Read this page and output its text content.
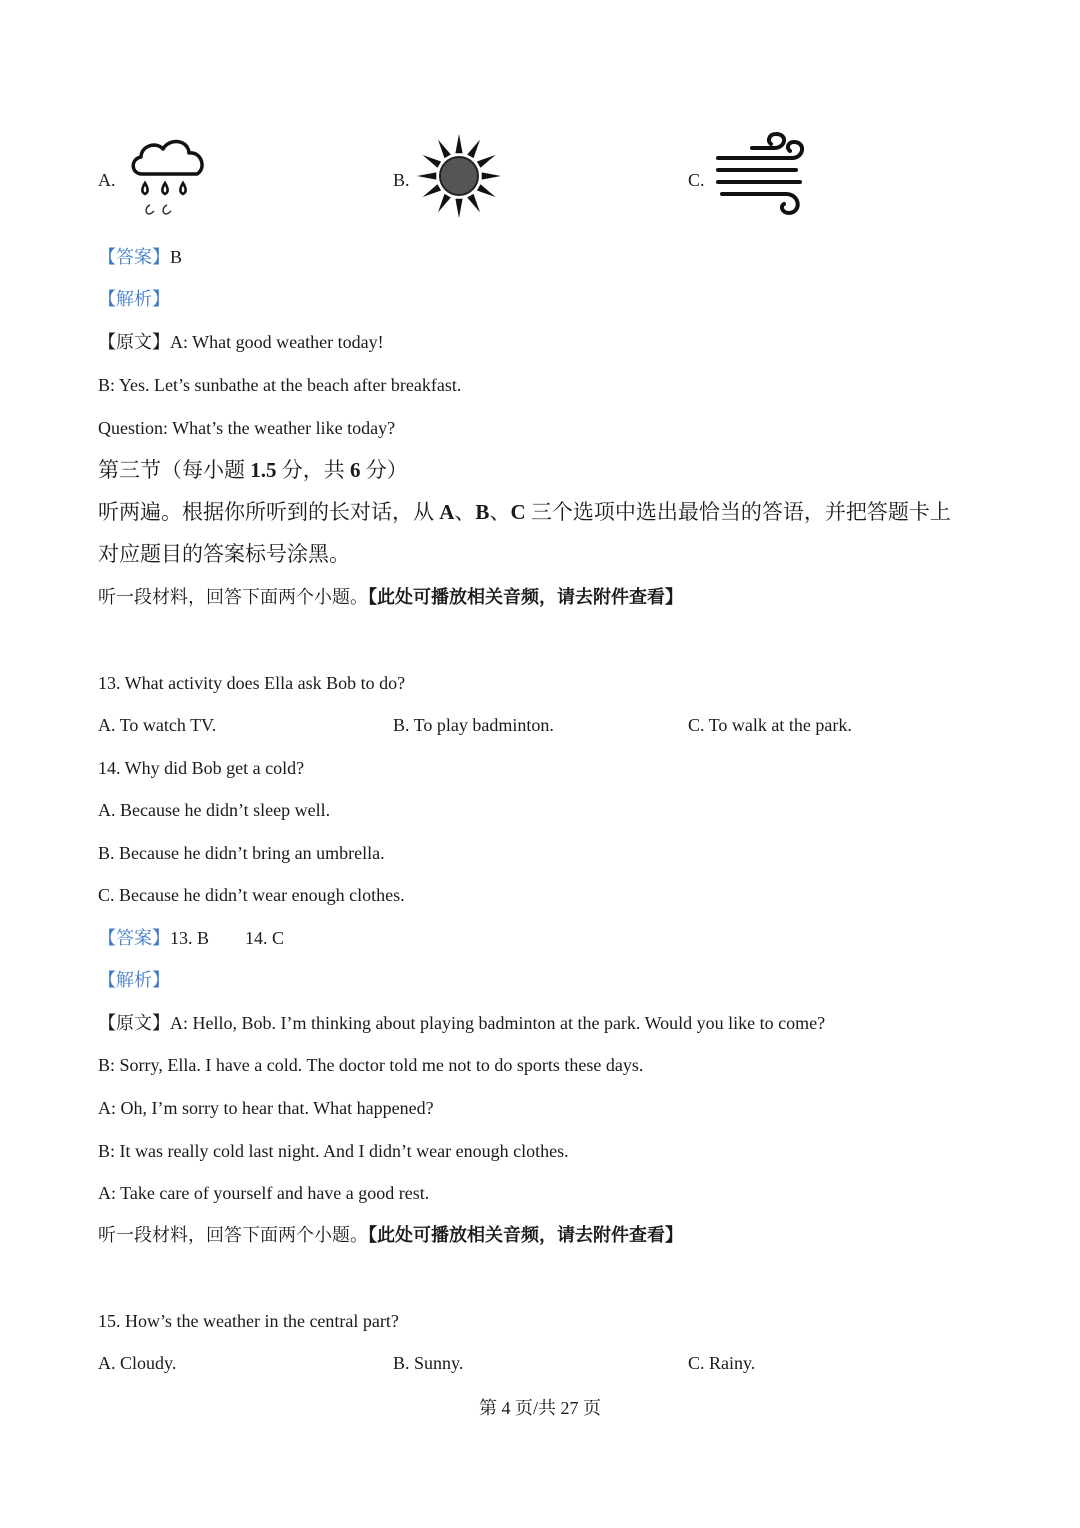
A.	B.	C.
【答案】B
【解析】
【原文】A: What good weather today!
B: Yes. Let’s sunbathe at the beach after breakfast.
Question: What’s the weather like today?
第三节（每小题 1.5 分，共 6 分）
听两遍。根据你所听到的长对话，从 A、B、C 三个选项中选出最恰当的答语，并把答题卡上
对应题目的答案标号涂黑。
听一段材料，回答下面两个小题。【此处可播放相关音频，请去附件查看】
13. What activity does Ella ask Bob to do?
A. To watch TV.	B. To play badminton.	C. To walk at the park.
14. Why did Bob get a cold?
A. Because he didn’t sleep well.
B. Because he didn’t bring an umbrella.
C. Because he didn’t wear enough clothes.
【答案】13. B 14. C
【解析】
【原文】A: Hello, Bob. I’m thinking about playing badminton at the park. Would you like to come?
B: Sorry, Ella. I have a cold. The doctor told me not to do sports these days.
A: Oh, I’m sorry to hear that. What happened?
B: It was really cold last night. And I didn’t wear enough clothes.
A: Take care of yourself and have a good rest.
听一段材料，回答下面两个小题。【此处可播放相关音频，请去附件查看】
15. How’s the weather in the central part?
A. Cloudy.	B. Sunny.	C. Rainy.
第 4 页/共 27 页
